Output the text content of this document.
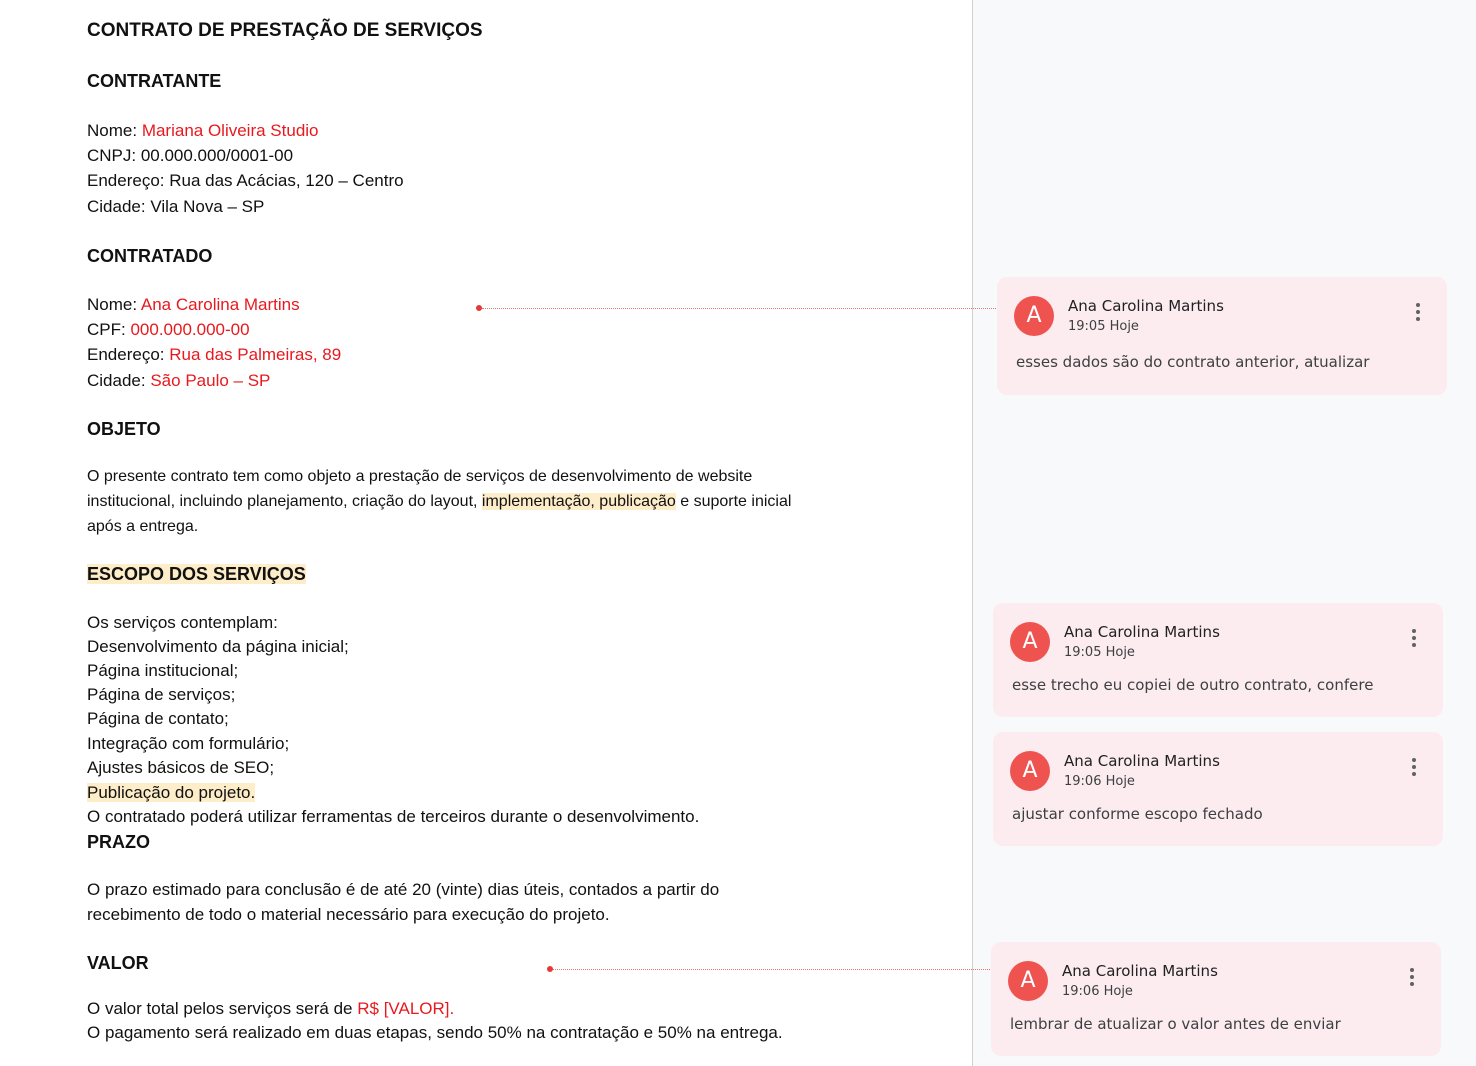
CONTRATO DE PRESTAÇÃO DE SERVIÇOS
CONTRATANTE
Nome: Mariana Oliveira Studio
CNPJ: 00.000.000/0001-00
Endereço: Rua das Acácias, 120 – Centro
Cidade: Vila Nova – SP
CONTRATADO
Nome: Ana Carolina Martins
CPF: 000.000.000-00
Endereço: Rua das Palmeiras, 89
Cidade: São Paulo – SP
OBJETO
O presente contrato tem como objeto a prestação de serviços de desenvolvimento de website
institucional, incluindo planejamento, criação do layout, implementação, publicação e suporte inicial
após a entrega.
ESCOPO DOS SERVIÇOS
Os serviços contemplam:
Desenvolvimento da página inicial;
Página institucional;
Página de serviços;
Página de contato;
Integração com formulário;
Ajustes básicos de SEO;
Publicação do projeto.
O contratado poderá utilizar ferramentas de terceiros durante o desenvolvimento.
PRAZO
O prazo estimado para conclusão é de até 20 (vinte) dias úteis, contados a partir do
recebimento de todo o material necessário para execução do projeto.
VALOR
O valor total pelos serviços será de R$ [VALOR].
O pagamento será realizado em duas etapas, sendo 50% na contratação e 50% na entrega.
A	Ana Carolina Martins
19:05 Hoje
esses dados são do contrato anterior, atualizar
A	Ana Carolina Martins
19:05 Hoje
esse trecho eu copiei de outro contrato, confere
A	Ana Carolina Martins
19:06 Hoje
ajustar conforme escopo fechado
A	Ana Carolina Martins
19:06 Hoje
lembrar de atualizar o valor antes de enviar
